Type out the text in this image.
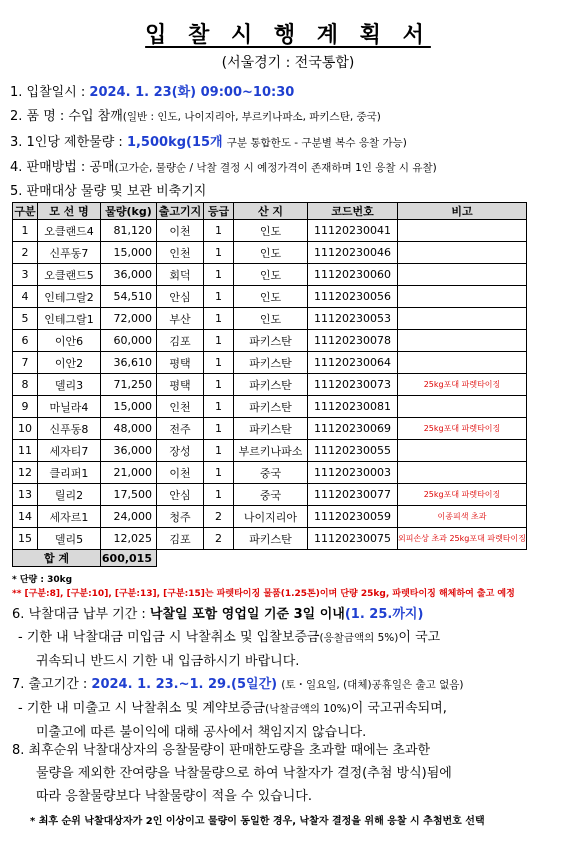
입 찰 시 행 계 획 서
(서울경기 : 전국통합)
1. 입찰일시 : 2024. 1. 23(화) 09:00~10:30
2. 품 명 : 수입 참깨(일반 : 인도, 나이지리아, 부르키나파소, 파키스탄, 중국)
3. 1인당 제한물량 : 1,500kg(15개 구분 통합한도 - 구분별 복수 응찰 가능)
4. 판매방법 : 공매(고가순, 물량순 / 낙찰 결정 시 예정가격이 존재하며 1인 응찰 시 유찰)
5. 판매대상 물량 및 보관 비축기지
구분	모 선 명	물량(kg)	출고기지	등급	산 지	코드번호	비고
1	오클랜드4	81,120	이천	1	인도	11120230041	
2	신푸동7	15,000	인천	1	인도	11120230046	
3	오클랜드5	36,000	회덕	1	인도	11120230060	
4	인테그랄2	54,510	안심	1	인도	11120230056	
5	인테그랄1	72,000	부산	1	인도	11120230053	
6	이안6	60,000	김포	1	파키스탄	11120230078	
7	이안2	36,610	평택	1	파키스탄	11120230064	
8	델리3	71,250	평택	1	파키스탄	11120230073	25kg포대 파렛타이징
9	마닐라4	15,000	인천	1	파키스탄	11120230081	
10	신푸동8	48,000	전주	1	파키스탄	11120230069	25kg포대 파렛타이징
11	세자티7	36,000	장성	1	부르키나파소	11120230055	
12	클리퍼1	21,000	이천	1	중국	11120230003	
13	릴리2	17,500	안심	1	중국	11120230077	25kg포대 파렛타이징
14	세자르1	24,000	청주	2	나이지리아	11120230059	이종피색 초과
15	델리5	12,025	김포	2	파키스탄	11120230075	외피손상 초과 25kg포대 파렛타이징
합 계		600,015					
* 단량 : 30kg
** [구분:8], [구분:10], [구분:13], [구분:15]는 파렛타이징 물품(1.25톤)이며 단량 25kg, 파렛타이징 해체하여 출고 예정
6. 낙찰대금 납부 기간 : 낙찰일 포함 영업일 기준 3일 이내(1. 25.까지)
- 기한 내 낙찰대금 미입금 시 낙찰취소 및 입찰보증금(응찰금액의 5%)이 국고
귀속되니 반드시 기한 내 입금하시기 바랍니다.
7. 출고기간 : 2024. 1. 23.~1. 29.(5일간) (토・일요일, (대체)공휴일은 출고 없음)
- 기한 내 미출고 시 낙찰취소 및 계약보증금(낙찰금액의 10%)이 국고귀속되며,
미출고에 따른 불이익에 대해 공사에서 책임지지 않습니다.
8. 최후순위 낙찰대상자의 응찰물량이 판매한도량을 초과할 때에는 초과한
물량을 제외한 잔여량을 낙찰물량으로 하여 낙찰자가 결정(추첨 방식)됨에
따라 응찰물량보다 낙찰물량이 적을 수 있습니다.
* 최후 순위 낙찰대상자가 2인 이상이고 물량이 동일한 경우, 낙찰자 결정을 위해 응찰 시 추첨번호 선택
